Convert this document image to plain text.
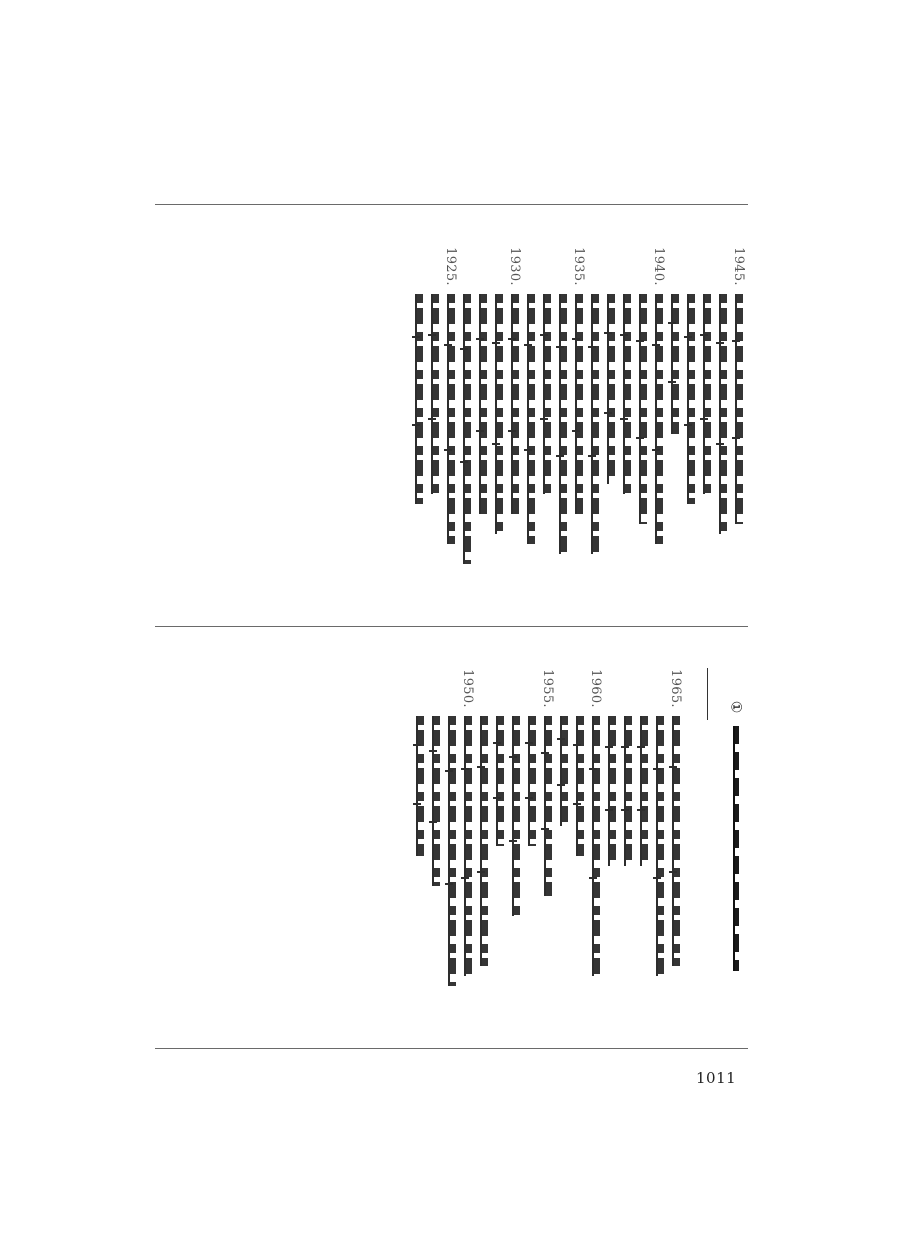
1945.
1940.
1935.
1930.
1925.
1965.
1960.
1955.
1950.	①
1011
